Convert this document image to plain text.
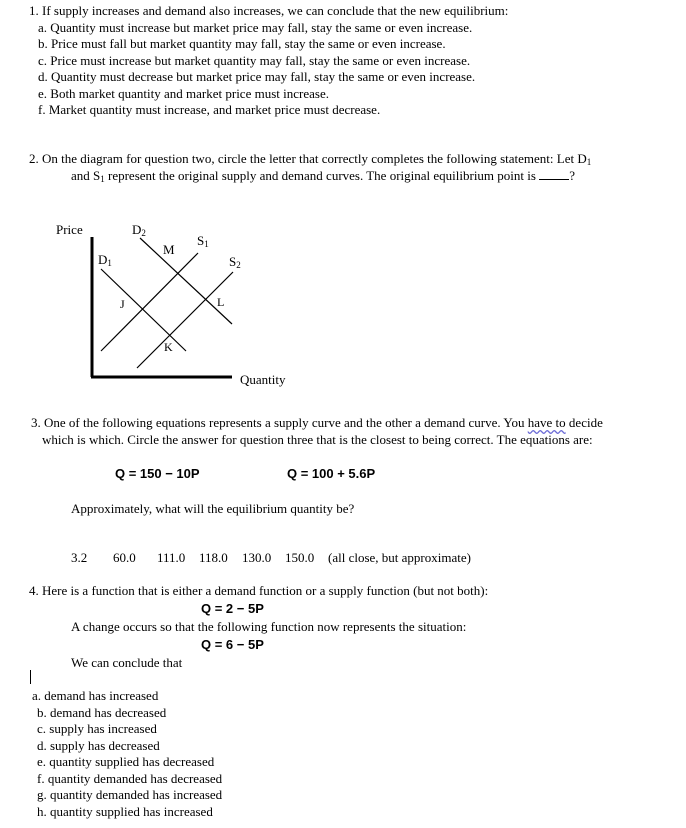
1. If supply increases and demand also increases, we can conclude that the new equilibrium:
a. Quantity must increase but market price may fall, stay the same or even increase.
b. Price must fall but market quantity may fall, stay the same or even increase.
c. Price must increase but market quantity may fall, stay the same or even increase.
d. Quantity must decrease but market price may fall, stay the same or even increase.
e. Both market quantity and market price must increase.
f. Market quantity must increase, and market price must decrease.
2. On the diagram for question two, circle the letter that correctly completes the following statement: Let D1
and S1 represent the original supply and demand curves. The original equilibrium point is	?
Price
Quantity
D1
D2	S1
S2
M
J	L
K
3. One of the following equations represents a supply curve and the other a demand curve. You have to decide
which is which. Circle the answer for question three that is the closest to being correct. The equations are:
Q = 150 − 10P	Q = 100 + 5.6P
Approximately, what will the equilibrium quantity be?
3.2 60.0 111.0 118.0 130.0 150.0 (all close, but approximate)
4. Here is a function that is either a demand function or a supply function (but not both):
Q = 2 − 5P
A change occurs so that the following function now represents the situation:
Q = 6 − 5P
We can conclude that
a. demand has increased
b. demand has decreased
c. supply has increased
d. supply has decreased
e. quantity supplied has decreased
f. quantity demanded has decreased
g. quantity demanded has increased
h. quantity supplied has increased
